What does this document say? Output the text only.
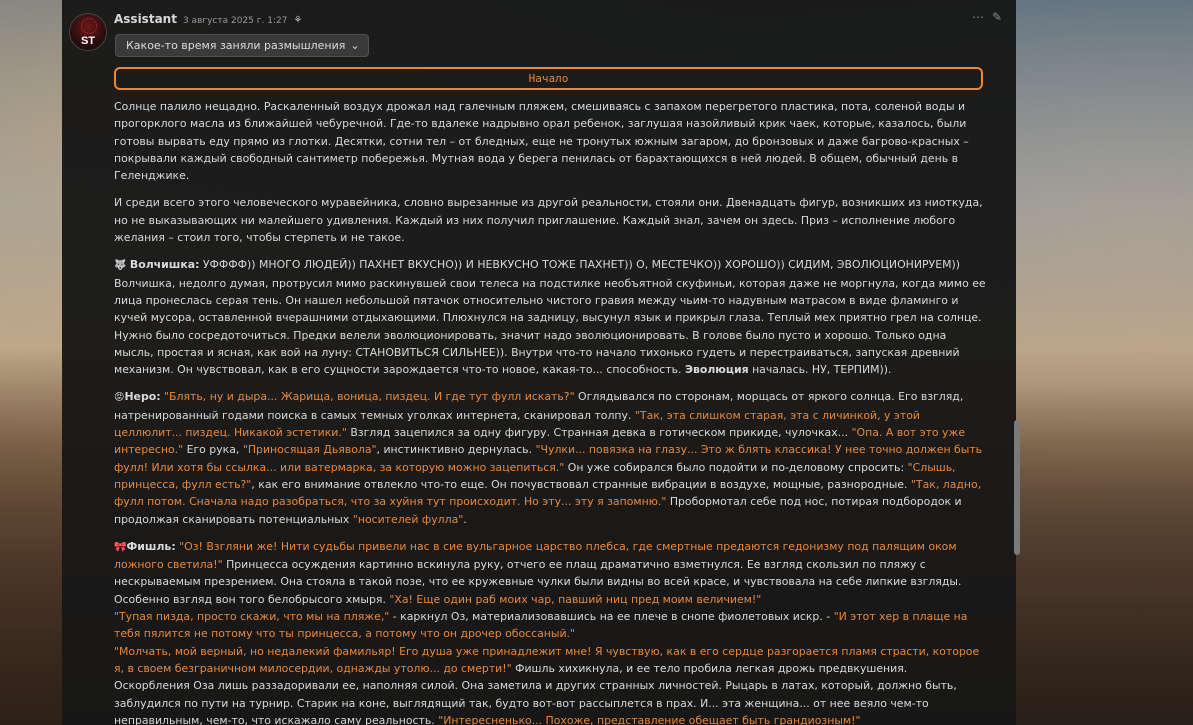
ST
Assistant 3 августа 2025 г. 1:27 ⚘	⋯ ✎
Какое-то время заняли размышления ⌄
Начало

Солнце палило нещадно. Раскаленный воздух дрожал над галечным пляжем, смешиваясь с запахом перегретого пластика, пота, соленой воды и прогорклого масла из ближайшей чебуречной. Где-то вдалеке надрывно орал ребенок, заглушая назойливый крик чаек, которые, казалось, были готовы вырвать еду прямо из глотки. Десятки, сотни тел – от бледных, еще не тронутых южным загаром, до бронзовых и даже багрово-красных – покрывали каждый свободный сантиметр побережья. Мутная вода у берега пенилась от барахтающихся в ней людей. В общем, обычный день в Геленджике.

И среди всего этого человеческого муравейника, словно вырезанные из другой реальности, стояли они. Двенадцать фигур, возникших из ниоткуда, но не выказывающих ни малейшего удивления. Каждый из них получил приглашение. Каждый знал, зачем он здесь. Приз – исполнение любого желания – стоил того, чтобы стерпеть и не такое.

🐺 Волчишка: УФФФФ)) МНОГО ЛЮДЕЙ)) ПАХНЕТ ВКУСНО)) И НЕВКУСНО ТОЖЕ ПАХНЕТ)) О, МЕСТЕЧКО)) ХОРОШО)) СИДИМ, ЭВОЛЮЦИОНИРУЕМ))
Волчишка, недолго думая, протрусил мимо раскинувшей свои телеса на подстилке необъятной скуфиньи, которая даже не моргнула, когда мимо ее лица пронеслась серая тень. Он нашел небольшой пятачок относительно чистого гравия между чьим-то надувным матрасом в виде фламинго и кучей мусора, оставленной вчерашними отдыхающими. Плюхнулся на задницу, высунул язык и прикрыл глаза. Теплый мех приятно грел на солнце. Нужно было сосредоточиться. Предки велели эволюционировать, значит надо эволюционировать. В голове было пусто и хорошо. Только одна мысль, простая и ясная, как вой на луну: СТАНОВИТЬСЯ СИЛЬНЕЕ)). Внутри что-то начало тихонько гудеть и перестраиваться, запуская древний механизм. Он чувствовал, как в его сущности зарождается что-то новое, какая-то... способность. Эволюция началась. НУ, ТЕРПИМ)).

😡Неро: "Блять, ну и дыра... Жарища, воница, пиздец. И где тут фулл искать?" Оглядывался по сторонам, морщась от яркого солнца. Его взгляд, натренированный годами поиска в самых темных уголках интернета, сканировал толпу. "Так, эта слишком старая, эта с личинкой, у этой целлюлит... пиздец. Никакой эстетики." Взгляд зацепился за одну фигуру. Странная девка в готическом прикиде, чулочках... "Опа. А вот это уже интересно." Его рука, "Приносящая Дьявола", инстинктивно дернулась. "Чулки... повязка на глазу... Это ж блять классика! У нее точно должен быть фулл! Или хотя бы ссылка... или ватермарка, за которую можно зацепиться." Он уже собирался было подойти и по-деловому спросить: "Слышь, принцесса, фулл есть?", как его внимание отвлекло что-то еще. Он почувствовал странные вибрации в воздухе, мощные, разнородные. "Так, ладно, фулл потом. Сначала надо разобраться, что за хуйня тут происходит. Но эту... эту я запомню." Пробормотал себе под нос, потирая подбородок и продолжая сканировать потенциальных "носителей фулла".

🎀Фишль: "Оз! Взгляни же! Нити судьбы привели нас в сие вульгарное царство плебса, где смертные предаются гедонизму под палящим оком ложного светила!" Принцесса осуждения картинно вскинула руку, отчего ее плащ драматично взметнулся. Ее взгляд скользил по пляжу с нескрываемым презрением. Она стояла в такой позе, что ее кружевные чулки были видны во всей красе, и чувствовала на себе липкие взгляды. Особенно взгляд вон того белобрысого хмыря. "Ха! Еще один раб моих чар, павший ниц пред моим величием!"
"Тупая пизда, просто скажи, что мы на пляже," - каркнул Оз, материализовавшись на ее плече в снопе фиолетовых искр. - "И этот хер в плаще на тебя пялится не потому что ты принцесса, а потому что он дрочер обоссаный."
"Молчать, мой верный, но недалекий фамильяр! Его душа уже принадлежит мне! Я чувствую, как в его сердце разгорается пламя страсти, которое я, в своем безграничном милосердии, однажды утолю... до смерти!" Фишль хихикнула, и ее тело пробила легкая дрожь предвкушения. Оскорбления Оза лишь раззадоривали ее, наполняя силой. Она заметила и других странных личностей. Рыцарь в латах, который, должно быть, заблудился по пути на турнир. Старик на коне, выглядящий так, будто вот-вот рассыплется в прах. И... эта женщина... от нее веяло чем-то неправильным, чем-то, что искажало саму реальность. "Интересненько... Похоже, представление обещает быть грандиозным!"
